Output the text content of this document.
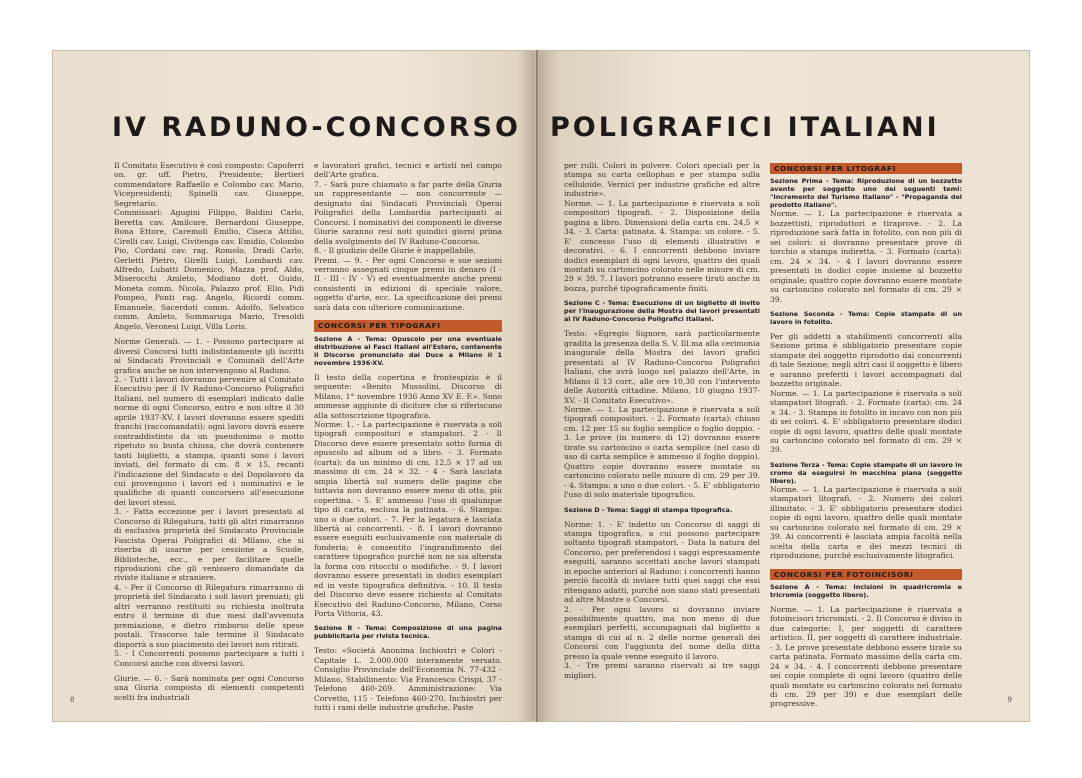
IV RADUNO-CONCORSO

Il Comitato Esecutivo è così composto: Capoferri on. gr. uff. Pietro, Presidente; Bertieri commendatore Raffaello e Colombo cav. Mario, Vicepresidenti; Spinelli cav. Giuseppe, Segretario.

Commissari: Agugini Filippo, Baldini Carlo, Beretta cav. Amilcare, Bernardoni Giuseppe, Bona Ettore, Caremoli Emilio, Ciseca Attilio, Cirelli cav. Luigi, Civitenga cav. Emidio, Colombo Pio, Cordani cav. rag. Romolo, Dradi Carlo, Gerletti Pietro, Girelli Luigi, Lombardi cav. Alfredo, Lubatti Domenico, Mazza prof. Aldo, Miserocchi Amleto, Modiano dott. Guido, Moneta comm. Nicola, Palazzo prof. Elio, Pidi Pompeo, Ponti rag. Angelo, Ricordi comm. Emanuele, Sacerdoti comm. Adolfo, Selvatico comm. Amleto, Sommaruga Mario, Tresoldi Angelo, Veronesi Luigi, Villa Loris.

Norme Generali. — 1. - Possono partecipare ai diversi Concorsi tutti indistintamente gli iscritti ai Sindacati Provinciali e Comunali dell'Arte grafica anche se non intervengono al Raduno.

2. - Tutti i lavori dovranno pervenire al Comitato Esecutivo per il IV Raduno-Concorso Poligrafici Italiani, nel numero di esemplari indicato dalle norme di ogni Concorso, entro e non oltre il 30 aprile 1937-XV. I lavori dovranno essere spediti franchi (raccomandati); ogni lavoro dovrà essere contraddistinto da un pseudonimo o motto ripetuto su busta chiusa, che dovrà contenere tanti biglietti, a stampa, quanti sono i lavori inviati, del formato di cm. 8 × 15, recanti l'indicazione del Sindacato o del Dopolavoro da cui provengono i lavori ed i nominativi e le qualifiche di quanti concorsero all'esecuzione dei lavori stessi.

3. - Fatta eccezione per i lavori presentati al Concorso di Rilegatura, tutti gli altri rimarranno di esclusiva proprietà del Sindacato Provinciale Fascista Operai Poligrafici di Milano, che si riserba di usarne per cessione a Scuole, Biblioteche, ecc., e per facilitare quelle riproduzioni che gli venissero domandate da riviste italiane e straniere.

4. - Per il Concorso di Rilegatura rimarranno di proprietà del Sindacato i soli lavori premiati; gli altri verranno restituiti su richiesta inoltrata entro il termine di due mesi dall'avvenuta premiazione, e dietro rimborso delle spese postali. Trascorso tale termine il Sindacato disporrà a suo piacimento dei lavori non ritirati.

5. - I Concorrenti possono partecipare a tutti i Concorsi anche con diversi lavori.

Giurie. — 6. - Sarà nominata per ogni Concorso una Giuria composta di elementi competenti scelti fra industriali

e lavoratori grafici, tecnici e artisti nel campo dell'Arte grafica.

7. - Sarà pure chiamato a far parte della Giuria un rappresentante — non concorrente — designato dai Sindacati Provinciali Operai Poligrafici della Lombardia partecipanti ai Concorsi. I nominativi dei componenti le diverse Giurie saranno resi noti quindici giorni prima della svolgimento del IV Raduno-Concorso.

8. - Il giudizio delle Giurie è inappellabile.

Premi. — 9. - Per ogni Concorso e sue sezioni verranno assegnati cinque premi in denaro (I - II - III - IV - V) ed eventualmente anche premi consistenti in edizioni di speciale valore, oggetto d'arte, ecc. La specificazione dei premi sarà data con ulteriore comunicazione.

CONCORSI PER TIPOGRAFI

Sezione A - Tema: Opuscolo per una eventuale distribuzione ai Fasci Italiani all'Estero, contenente il Discorso pronunciato dal Duce a Milano il 1 novembre 1936-XV.

Il testo della copertina e frontespizio è il seguente: «Benito Mussolini, Discorso di Milano, 1° novembre 1936 Anno XV E. F.». Sono ammesse aggiunte di diciture che si riferiscano alla sottoscrizione tipografica.

Norme: 1. - La partecipazione è riservata a soli tipografi compositori e stampatori. 2 - Il Discorso deve essere presentato sotto forma di opuscolo ad album od a libro. - 3. Formato (carta): da un minimo di cm. 12,5 × 17 ad un massimo di cm. 24 × 32. - 4 - Sarà lasciata ampia libertà sul numero delle pagine che tuttavia non dovranno essere meno di otto, più copertina. - 5. E' ammesso l'uso di qualunque tipo di carta, esclusa la patinata. - 6. Stampa: uno o due colori. - 7. Per la legatura è lasciata libertà ai concorrenti. - 8. I lavori dovranno essere eseguiti esclusivamente con materiale di fonderia; è consentito l'ingrandimento del carattere tipografico purché non ne sia alterata la forma con ritocchi o modifiche. - 9. I lavori dovranno essere presentati in dodici esemplari ed in veste tipografica definitiva. - 10. Il testo del Discorso deve essere richiesto al Comitato Esecutivo del Raduno-Concorso, Milano, Corso Porta Vittoria, 43.

Sezione B - Tema: Composizione di una pagina pubblicitaria per rivista tecnica.

Testo: «Società Anonima Inchiostri e Colori - Capitale L. 2.000.000 interamente versato. Consiglio Provinciale dell'Economia N. 77-432 - Milano, Stabilimento: Via Francesco Crispi, 37 - Telefono 460-269. Amministrazione: Via Corvetto, 115 - Telefono 460-270. Inchiostri per tutti i rami delle industrie grafiche. Paste

8
POLIGRAFICI ITALIANI

per rulli. Colori in polvere. Colori speciali per la stampa su carta cellophan e per stampa sulla celluloide. Vernici per industrie grafiche ed altre industrie».

Norme. — 1. La partecipazione è riservata a soli compositori tipografi. - 2. Disposizione della pagina a libro. Dimensioni della carta cm. 24,5 × 34. - 3. Carta: patinata. 4. Stampa: un colore. - 5. E' concesso l'uso di elementi illustrativi e decorativi. - 6. I concorrenti debbono inviare dodici esemplari di ogni lavoro, quattro dei quali montati su cartoncino colorato nelle misure di cm. 29 × 39. 7. I lavori potranno essere tirati anche in bozza, purché tipograficamente finiti.

Sezione C - Tema: Esecuzione di un biglietto di invito per l'inaugurazione della Mostra dei lavori presentati al IV Raduno-Concorso Poligrafici Italiani.

Testo: «Egregio Signore, sarà particolarmente gradita la presenza della S. V. Ill.ma alla cerimonia inaugurale della Mostra dei lavori grafici presentati al IV Raduno-Concorso Poligrafici Italiani, che avrà luogo nel palazzo dell'Arte, in Milano il 13 corr., alle ore 10,30 con l'intervento delle Autorità cittadine. Milano, 10 giugno 1937-XV. - Il Comitato Esecutivo».

Norme. — 1. La partecipazione è riservata a soli tipografi compositori. - 2. Formato (carta): chiuso cm. 12 per 15 su foglio semplice o foglio doppio. - 3. Le prove (in numero di 12) dovranno essere tirate su cartoncino o carta semplice (nel caso di uso di carta semplice è ammesso il foglio doppio). Quattro copie dovranno essere montate su cartoncino colorato nelle misure di cm. 29 per 39. - 4. Stampa: a uno o due colori. - 5. E' obbligatorio l'uso di solo materiale tipografico.

Sezione D - Tema: Saggi di stampa tipografica.

Norme: 1. - E' indetto un Concorso di saggi di stampa tipografica, a cui possono partecipare soltanto tipografi stampatori. - Data la natura del Concorso, per preferendosi i saggi espressamente eseguiti, saranno accettati anche lavori stampati in epoche anteriori al Raduno; i concorrenti hanno perciò facoltà di inviare tutti quei saggi che essi ritengano adatti, purché non siano stati presentati ad altre Mostre o Concorsi.

2. - Per ogni lavoro si dovranno inviare possibilmente quattro, ma non meno di due esemplari perfetti, accompagnati dal biglietto a stampa di cui al n. 2 delle norme generali dei Concorsi con l'aggiunta del nome della ditta presso la quale venne eseguito il lavoro.

3. - Tre premi saranno riservati ai tre saggi migliori.

CONCORSI PER LITOGRAFI

Sezione Prima - Tema: Riproduzione di un bozzetto avente per soggetto uno dei seguenti temi: "Incremento del Turismo Italiano" - "Propaganda del prodotto italiano".

Norme. — 1. La partecipazione è riservata a bozzettisti, riproduttori e tiraprove. - 2. La riproduzione sarà fatta in fotolito, con non più di sei colori: si dovranno presentare prove di torchio a stampa indiretta. - 3. Formato (carta): cm. 24 × 34. - 4 I lavori dovranno essere presentati in dodici copie insieme al bozzetto originale; quattro copie dovranno essere montate su cartoncino colorato nel formato di cm. 29 × 39.

Sezione Seconda - Tema: Copie stampate di un lavoro in fotolito.

Per gli addetti a stabilimenti concorrenti alla Sezione prima è obbligatorio presentare copie stampate del soggetto riprodotto dai concorrenti di tale Sezione; negli altri casi il soggetto è libero e saranno preferiti i lavori accompagnati dal bozzetto originale.

Norme. — 1. La partecipazione è riservata a soli stampatori litografi. - 2. Formato (carta): cm. 24 × 34. - 3. Stampa in fotolito in incavo con non più di sei colori. 4. E' obbligatorio presentare dodici copie di ogni lavoro, quattro delle quali montate su cartoncino colorato nel formato di cm. 29 × 39.

Sezione Terza - Tema: Copie stampate di un lavoro in cromo da eseguirsi in macchina piana (soggetto libero).

Norme. — 1. La partecipazione è riservata a soli stampatori litografi. - 2. Numero dei colori illimitato. - 3. E' obbligatorio presentare dodici copie di ogni lavoro, quattro delle quali montate su cartoncino colorato nel formato di cm. 29 × 39. Ai concorrenti è lasciata ampia facoltà nella scelta della carta e dei mezzi tecnici di riproduzione, purché esclusivamente litografici.

CONCORSI PER FOTOINCISORI

Sezione A - Tema: Incisioni in quadricromia e tricromia (soggetto libero).

Norme. — 1. La partecipazione è riservata a fotoincisori tricromisti. - 2. Il Concorso è diviso in due categorie: I, per soggetti di carattere artistico. II, per soggetti di carattere industriale. - 3. Le prove presentate debbono essere tirate su carta patinata. Formato massimo della carta cm. 24 × 34. - 4. I concorrenti debbono presentare sei copie complete di ogni lavoro (quattro delle quali montate su cartoncino colorato nel formato di cm. 29 per 39) e due esemplari delle progressive.	9
